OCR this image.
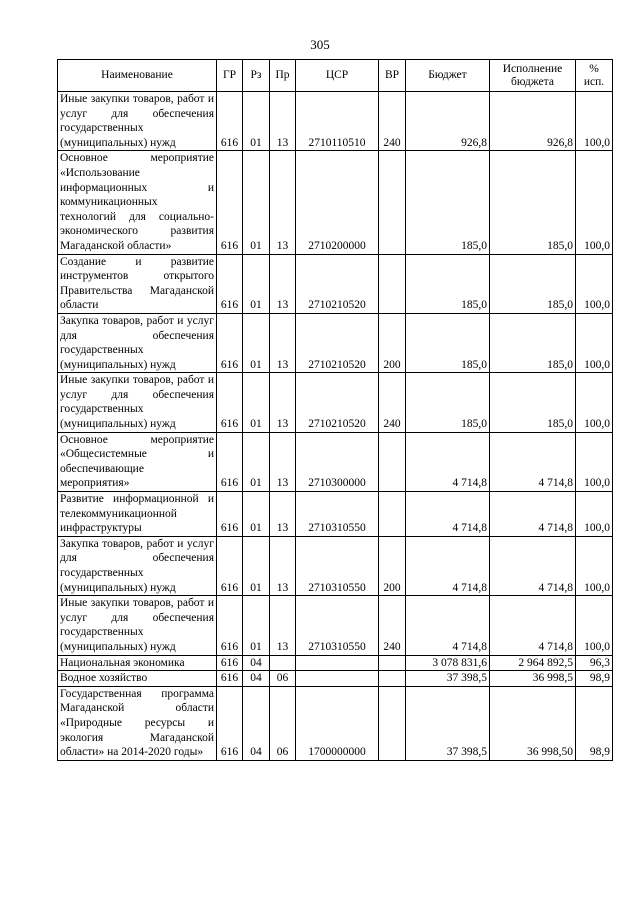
305
Наименование	ГР	Рз	Пр	ЦСР	ВР	Бюджет	Исполнение бюджета	% исп.
Иные закупки товаров, работ и услуг для обеспечения государственных (муниципальных) нужд	616	01	13	2710110510	240	926,8	926,8	100,0
Основное мероприятие «Использование информационных и коммуникационных технологий для социально-экономического развития Магаданской области»	616	01	13	2710200000		185,0	185,0	100,0
Создание и развитие инструментов открытого Правительства Магаданской области	616	01	13	2710210520		185,0	185,0	100,0
Закупка товаров, работ и услуг для обеспечения государственных (муниципальных) нужд	616	01	13	2710210520	200	185,0	185,0	100,0
Иные закупки товаров, работ и услуг для обеспечения государственных (муниципальных) нужд	616	01	13	2710210520	240	185,0	185,0	100,0
Основное мероприятие «Общесистемные и обеспечивающие мероприятия»	616	01	13	2710300000		4 714,8	4 714,8	100,0
Развитие информационной и телекоммуникационной инфраструктуры	616	01	13	2710310550		4 714,8	4 714,8	100,0
Закупка товаров, работ и услуг для обеспечения государственных (муниципальных) нужд	616	01	13	2710310550	200	4 714,8	4 714,8	100,0
Иные закупки товаров, работ и услуг для обеспечения государственных (муниципальных) нужд	616	01	13	2710310550	240	4 714,8	4 714,8	100,0
Национальная экономика	616	04				3 078 831,6	2 964 892,5	96,3
Водное хозяйство	616	04	06			37 398,5	36 998,5	98,9
Государственная программа Магаданской области «Природные ресурсы и экология Магаданской области» на 2014-2020 годы»	616	04	06	1700000000		37 398,5	36 998,50	98,9
